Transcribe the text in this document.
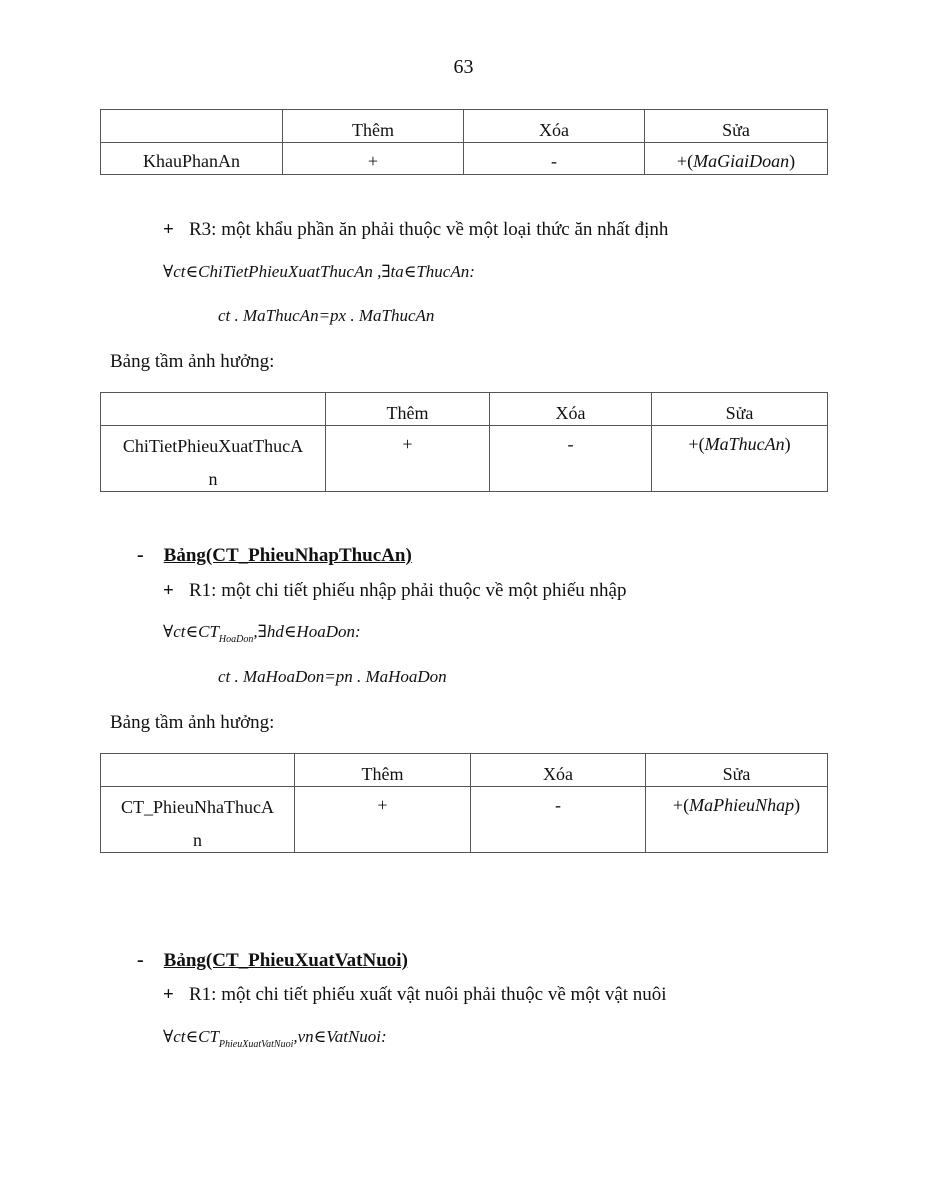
63
	Thêm	Xóa	Sửa
KhauPhanAn	+	-	+(MaGiaiDoan)
+ R3: một khẩu phần ăn phải thuộc về một loại thức ăn nhất định
∀ct∈ChiTietPhieuXuatThucAn ,∃ta∈ThucAn:
ct . MaThucAn=px . MaThucAn
Bảng tầm ảnh hưởng:
	Thêm	Xóa	Sửa

ChiTietPhieuXuatThucA
n	+	-	+(MaThucAn)
- Bảng(CT_PhieuNhapThucAn)
+ R1: một chi tiết phiếu nhập phải thuộc về một phiếu nhập
$\forall ct\in CT_{HoaDon},\exists hd\in HoaDon$:
ct . MaHoaDon=pn . MaHoaDon
Bảng tầm ảnh hưởng:
	Thêm	Xóa	Sửa

CT_PhieuNhaThucA
n	+	-	+(MaPhieuNhap)
- Bảng(CT_PhieuXuatVatNuoi)
+ R1: một chi tiết phiếu xuất vật nuôi phải thuộc về một vật nuôi
$\forall ct\in CT_{PhieuXuatVatNuoi},vn\in VatNuoi$:
